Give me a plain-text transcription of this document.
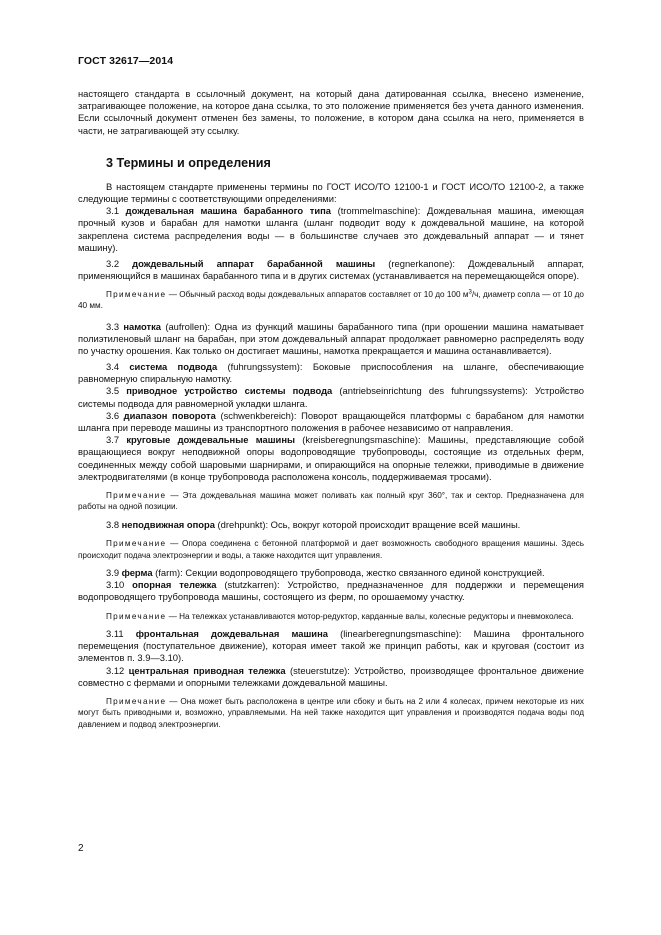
ГОСТ 32617—2014

настоящего стандарта в ссылочный документ, на который дана датированная ссылка, внесено изменение, затрагивающее положение, на которое дана ссылка, то это положение применяется без учета данного изменения. Если ссылочный документ отменен без замены, то положение, в котором дана ссылка на него, применяется в части, не затрагивающей эту ссылку.

3 Термины и определения

В настоящем стандарте применены термины по ГОСТ ИСО/ТО 12100-1 и ГОСТ ИСО/ТО 12100-2, а также следующие термины с соответствующими определениями:

3.1 дождевальная машина барабанного типа (trommelmaschine): Дождевальная машина, имеющая прочный кузов и барабан для намотки шланга (шланг подводит воду к дождевальной машине, на которой закреплена система распределения воды — в большинстве случаев это дождевальный аппарат — и тянет машину).

3.2 дождевальный аппарат барабанной машины (regnerkanone): Дождевальный аппарат, применяющийся в машинах барабанного типа и в других системах (устанавливается на перемещающейся опоре).

Примечание — Обычный расход воды дождевальных аппаратов составляет от 10 до 100 $м^3/ч$, диаметр сопла — от 10 до 40 мм.

3.3 намотка (aufrollen): Одна из функций машины барабанного типа (при орошении машина наматывает полиэтиленовый шланг на барабан, при этом дождевальный аппарат продолжает равномерно распределять воду по участку орошения. Как только он достигает машины, намотка прекращается и машина останавливается).

3.4 система подвода (fuhrungssystem): Боковые приспособления на шланге, обеспечивающие равномерную спиральную намотку.

3.5 приводное устройство системы подвода (antriebseinrichtung des fuhrungssystems): Устройство системы подвода для равномерной укладки шланга.

3.6 диапазон поворота (schwenkbereich): Поворот вращающейся платформы с барабаном для намотки шланга при переводе машины из транспортного положения в рабочее независимо от направления.

3.7 круговые дождевальные машины (kreisberegnungsmaschine): Машины, представляющие собой вращающиеся вокруг неподвижной опоры водопроводящие трубопроводы, состоящие из отдельных ферм, соединенных между собой шаровыми шарнирами, и опирающийся на опорные тележки, приводимые в движение электродвигателями (в конце трубопровода расположена консоль, поддерживаемая тросами).

Примечание — Эта дождевальная машина может поливать как полный круг 360°, так и сектор. Предназначена для работы на одной позиции.

3.8 неподвижная опора (drehpunkt): Ось, вокруг которой происходит вращение всей машины.

Примечание — Опора соединена с бетонной платформой и дает возможность свободного вращения машины. Здесь происходит подача электроэнергии и воды, а также находится щит управления.

3.9 ферма (farm): Секции водопроводящего трубопровода, жестко связанного единой конструкцией.

3.10 опорная тележка (stutzkarren): Устройство, предназначенное для поддержки и перемещения водопроводящего трубопровода машины, состоящего из ферм, по орошаемому участку.

Примечание — На тележках устанавливаются мотор-редуктор, карданные валы, колесные редукторы и пневмоколеса.

3.11 фронтальная дождевальная машина (linearberegnungsmaschine): Машина фронтального перемещения (поступательное движение), которая имеет такой же принцип работы, как и круговая (состоит из элементов п. 3.9—3.10).

3.12 центральная приводная тележка (steuerstutze): Устройство, производящее фронтальное движение совместно с фермами и опорными тележками дождевальной машины.

Примечание — Она может быть расположена в центре или сбоку и быть на 2 или 4 колесах, причем некоторые из них могут быть приводными и, возможно, управляемыми. На ней также находится щит управления и производятся подача воды под давлением и подвод электроэнергии.

2
